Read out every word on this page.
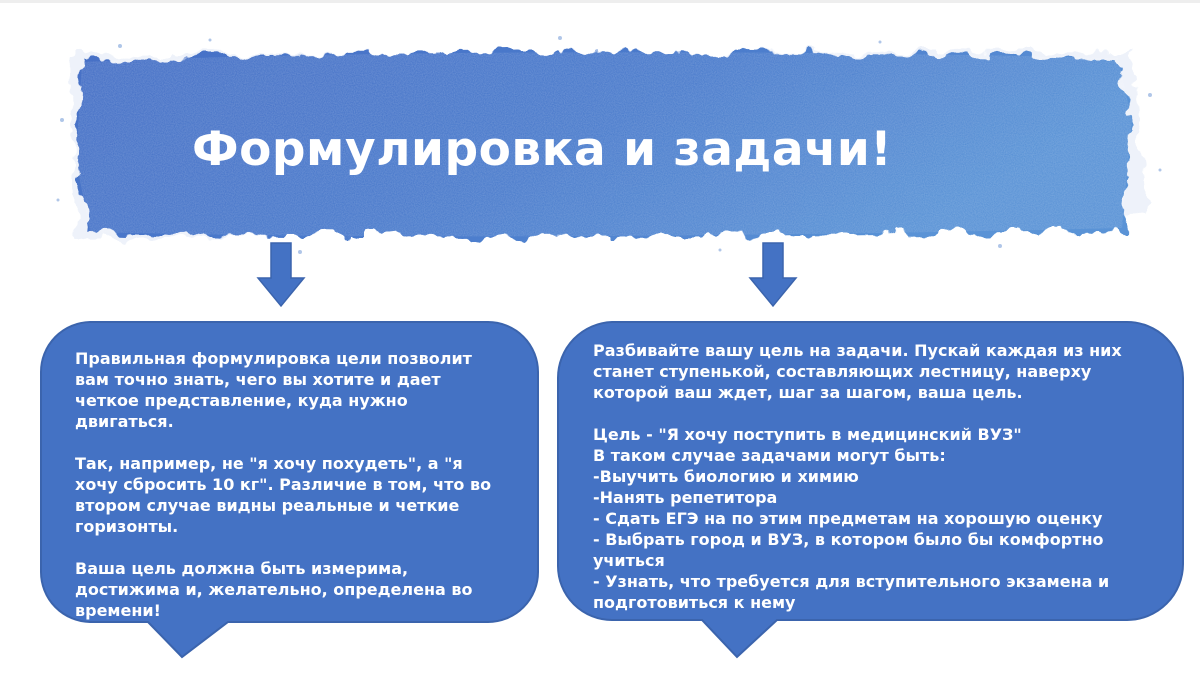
Формулировка и задачи!

Правильная формулировка цели позволит
вам точно знать, чего вы хотите и дает
четкое представление, куда нужно
двигаться.

Так, например, не "я хочу похудеть", а "я
хочу сбросить 10 кг". Различие в том, что во
втором случае видны реальные и четкие
горизонты.

Ваша цель должна быть измерима,
достижима и, желательно, определена во
времени!

Разбивайте вашу цель на задачи. Пускай каждая из них
станет ступенькой, составляющих лестницу, наверху
которой ваш ждет, шаг за шагом, ваша цель.

Цель - "Я хочу поступить в медицинский ВУЗ"
В таком случае задачами могут быть:
-Выучить биологию и химию
-Нанять репетитора
- Сдать ЕГЭ на по этим предметам на хорошую оценку
- Выбрать город и ВУЗ, в котором было бы комфортно
учиться
- Узнать, что требуется для вступительного экзамена и
подготовиться к нему
